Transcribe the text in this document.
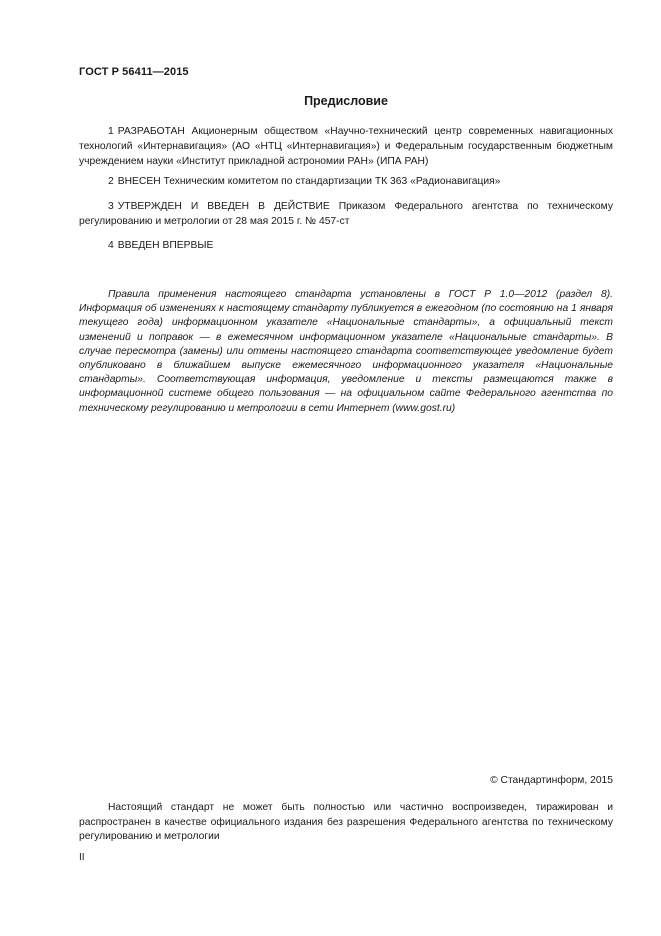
ГОСТ Р 56411—2015
Предисловие

1 РАЗРАБОТАН Акционерным обществом «Научно-технический центр современных навигационных технологий «Интернавигация» (АО «НТЦ «Интернавигация») и Федеральным государственным бюджетным учреждением науки «Институт прикладной астрономии РАН» (ИПА РАН)

2 ВНЕСЕН Техническим комитетом по стандартизации ТК 363 «Радионавигация»

3 УТВЕРЖДЕН И ВВЕДЕН В ДЕЙСТВИЕ Приказом Федерального агентства по техническому регулированию и метрологии от 28 мая 2015 г. № 457-ст

4 ВВЕДЕН ВПЕРВЫЕ

Правила применения настоящего стандарта установлены в ГОСТ Р 1.0—2012 (раздел 8). Информация об изменениях к настоящему стандарту публикуется в ежегодном (по состоянию на 1 января текущего года) информационном указателе «Национальные стандарты», а официальный текст изменений и поправок — в ежемесячном информационном указателе «Национальные стандарты». В случае пересмотра (замены) или отмены настоящего стандарта соответствующее уведомление будет опубликовано в ближайшем выпуске ежемесячного информационного указателя «Национальные стандарты». Соответствующая информация, уведомление и тексты размещаются также в информационной системе общего пользования — на официальном сайте Федерального агентства по техническому регулированию и метрологии в сети Интернет (www.gost.ru)

© Стандартинформ, 2015

Настоящий стандарт не может быть полностью или частично воспроизведен, тиражирован и распространен в качестве официального издания без разрешения Федерального агентства по техническому регулированию и метрологии

II
